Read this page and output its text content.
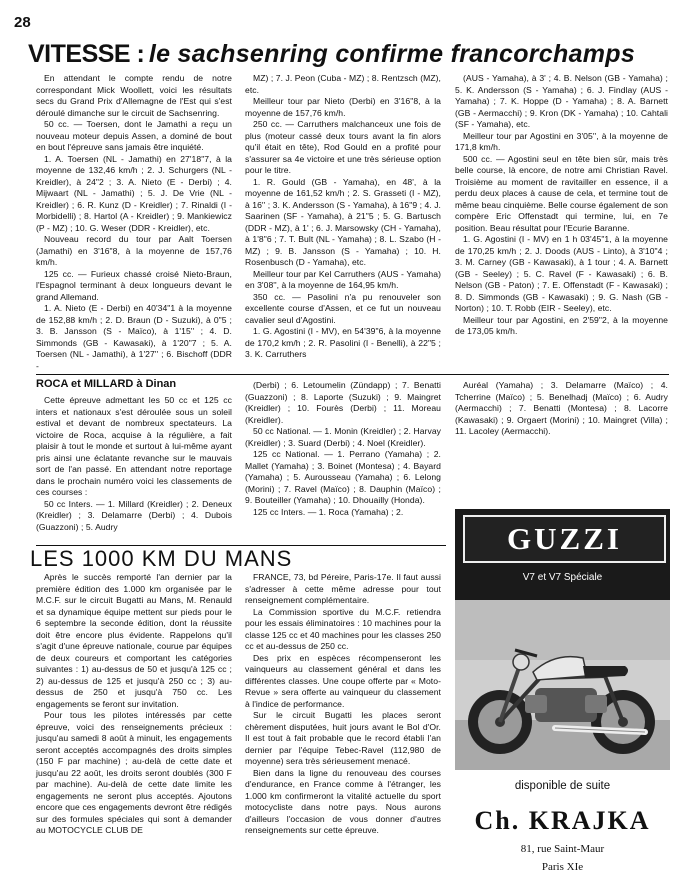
28
VITESSE : le sachsenring confirme francorchamps

En attendant le compte rendu de notre correspondant Mick Woollett, voici les résultats secs du Grand Prix d'Allemagne de l'Est qui s'est déroulé dimanche sur le circuit de Sachsenring.

50 cc. — Toersen, dont le Jamathi a reçu un nouveau moteur depuis Assen, a dominé de bout en bout l'épreuve sans jamais être inquiété.

1. A. Toersen (NL - Jamathi) en 27'18"7, à la moyenne de 132,46 km/h ; 2. J. Schurgers (NL - Kreidler), à 24"2 ; 3. A. Nieto (E - Derbi) ; 4. Mijwaart (NL - Jamathi) ; 5. J. De Vrie (NL - Kreidler) ; 6. R. Kunz (D - Kreidler) ; 7. Rinaldi (I - Morbidelli) ; 8. Hartol (A - Kreidler) ; 9. Mankiewicz (P - MZ) ; 10. G. Weser (DDR - Kreidler), etc.

Nouveau record du tour par Aalt Toersen (Jamathi) en 3'16"8, à la moyenne de 157,76 km/h.

125 cc. — Furieux chassé croisé Nieto-Braun, l'Espagnol terminant à deux longueurs devant le grand Allemand.

1. A. Nieto (E - Derbi) en 40'34"1 à la moyenne de 152,88 km/h ; 2. D. Braun (D - Suzuki), à 0"5 ; 3. B. Jansson (S - Maïco), à 1'15'' ; 4. D. Simmonds (GB - Kawasaki), à 1'20"7 ; 5. A. Toersen (NL - Jamathi), à 1'27'' ; 6. Bischoff (DDR -

MZ) ; 7. J. Peon (Cuba - MZ) ; 8. Rentzsch (MZ), etc.

Meilleur tour par Nieto (Derbi) en 3'16"8, à la moyenne de 157,76 km/h.

250 cc. — Carruthers malchanceux une fois de plus (moteur cassé deux tours avant la fin alors qu'il était en tête), Rod Gould en a profité pour s'assurer sa 4e victoire et une très sérieuse option pour le titre.

1. R. Gould (GB - Yamaha), en 48', à la moyenne de 161,52 km/h ; 2. S. Grasseti (I - MZ), à 16'' ; 3. K. Andersson (S - Yamaha), à 16"9 ; 4. J. Saarinen (SF - Yamaha), à 21"5 ; 5. G. Bartusch (DDR - MZ), à 1' ; 6. J. Marsowsky (CH - Yamaha), à 1'8"6 ; 7. T. Bult (NL - Yamaha) ; 8. L. Szabo (H - MZ) ; 9. B. Jansson (S - Yamaha) ; 10. H. Rosenbusch (D - Yamaha), etc.

Meilleur tour par Kel Carruthers (AUS - Yamaha) en 3'08'', à la moyenne de 164,95 km/h.

350 cc. — Pasolini n'a pu renouveler son excellente course d'Assen, et ce fut un nouveau cavalier seul d'Agostini.

1. G. Agostini (I - MV), en 54'39"6, à la moyenne de 170,2 km/h ; 2. R. Pasolini (I - Benelli), à 22"5 ; 3. K. Carruthers

(AUS - Yamaha), à 3' ; 4. B. Nelson (GB - Yamaha) ; 5. K. Andersson (S - Yamaha) ; 6. J. Findlay (AUS - Yamaha) ; 7. K. Hoppe (D - Yamaha) ; 8. A. Barnett (GB - Aermacchi) ; 9. Kron (DK - Yamaha) ; 10. Cahtali (SF - Yamaha), etc.

Meilleur tour par Agostini en 3'05'', à la moyenne de 171,8 km/h.

500 cc. — Agostini seul en tête bien sûr, mais très belle course, là encore, de notre ami Christian Ravel. Troisième au moment de ravitailler en essence, il a perdu deux places à cause de cela, et termine tout de même beau cinquième. Belle course également de son compère Eric Offenstadt qui termine, lui, en 7e position. Beau résultat pour l'Ecurie Baranne.

1. G. Agostini (I - MV) en 1 h 03'45"1, à la moyenne de 170,25 km/h ; 2. J. Doods (AUS - Linto), à 3'10"4 ; 3. M. Carney (GB - Kawasaki), à 1 tour ; 4. A. Barnett (GB - Seeley) ; 5. C. Ravel (F - Kawasaki) ; 6. B. Nelson (GB - Paton) ; 7. E. Offenstadt (F - Kawasaki) ; 8. D. Simmonds (GB - Kawasaki) ; 9. G. Nash (GB - Norton) ; 10. T. Robb (EIR - Seeley), etc.

Meilleur tour par Agostini, en 2'59"2, à la moyenne de 173,05 km/h.

ROCA et MILLARD à Dinan

Cette épreuve admettant les 50 cc et 125 cc inters et nationaux s'est déroulée sous un soleil estival et devant de nombreux spectateurs. La victoire de Roca, acquise à la régulière, a fait plaisir à tout le monde et surtout à lui-même ayant pris ainsi une éclatante revanche sur le mauvais sort de l'an passé. En attendant notre reportage dans le prochain numéro voici les classements de ces courses :

50 cc Inters. — 1. Millard (Kreidler) ; 2. Deneux (Kreidler) ; 3. Delamarre (Derbi) ; 4. Dubois (Guazzoni) ; 5. Audry

(Derbi) ; 6. Letoumelin (Zündapp) ; 7. Benatti (Guazzoni) ; 8. Laporte (Suzuki) ; 9. Maingret (Kreidler) ; 10. Fourès (Derbi) ; 11. Moreau (Kreidler).

50 cc National. — 1. Monin (Kreidler) ; 2. Harvay (Kreidler) ; 3. Suard (Derbi) ; 4. Noel (Kreidler).

125 cc National. — 1. Perrano (Yamaha) ; 2. Mallet (Yamaha) ; 3. Boinet (Montesa) ; 4. Bayard (Yamaha) ; 5. Aurousseau (Yamaha) ; 6. Lelong (Morini) ; 7. Ravel (Maïco) ; 8. Dauphin (Maïco) ; 9. Bouteiller (Yamaha) ; 10. Dhouailly (Honda).

125 cc Inters. — 1. Roca (Yamaha) ; 2.

Auréal (Yamaha) ; 3. Delamarre (Maïco) ; 4. Tcherrine (Maïco) ; 5. Benelhadj (Maïco) ; 6. Audry (Aermacchi) ; 7. Benatti (Montesa) ; 8. Lacorre (Kawasaki) ; 9. Orgaert (Morini) ; 10. Maingret (Villa) ; 11. Lacoley (Aermacchi).

LES 1000 KM DU MANS

Après le succès remporté l'an dernier par la première édition des 1.000 km organisée par le M.C.F. sur le circuit Bugatti au Mans, M. Renauld et sa dynamique équipe mettent sur pieds pour le 6 septembre la seconde édition, dont la réussite doit être encore plus évidente. Rappelons qu'il s'agit d'une épreuve nationale, courue par équipes de deux coureurs et comportant les catégories suivantes : 1) au-dessus de 50 et jusqu'à 125 cc ; 2) au-dessus de 125 et jusqu'à 250 cc ; 3) au-dessus de 250 et jusqu'à 750 cc. Les engagements se feront sur invitation.

Pour tous les pilotes intéressés par cette épreuve, voici des renseignements précieux : jusqu'au samedi 8 août à minuit, les engagements seront acceptés accompagnés des droits simples (150 F par machine) ; au-delà de cette date et jusqu'au 22 août, les droits seront doublés (300 F par machine). Au-delà de cette date limite les engagements ne seront plus acceptés. Ajoutons encore que ces engagements devront être rédigés sur des formules spéciales qui sont à demander au MOTOCYCLE CLUB DE

FRANCE, 73, bd Péreire, Paris-17e. Il faut aussi s'adresser à cette même adresse pour tout renseignement complémentaire.

La Commission sportive du M.C.F. retiendra pour les essais éliminatoires : 10 machines pour la classe 125 cc et 40 machines pour les classes 250 cc et au-dessus de 250 cc.

Des prix en espèces récompenseront les vainqueurs au classement général et dans les différentes classes. Une coupe offerte par « Moto-Revue » sera offerte au vainqueur du classement à l'indice de performance.

Sur le circuit Bugatti les places seront chèrement disputées, huit jours avant le Bol d'Or. Il est tout à fait probable que le record établi l'an dernier par l'équipe Tebec-Ravel (112,980 de moyenne) sera très sérieusement menacé.

Bien dans la ligne du renouveau des courses d'endurance, en France comme à l'étranger, les 1.000 km confirmeront la vitalité actuelle du sport motocycliste dans notre pays. Nous aurons d'ailleurs l'occasion de vous donner d'autres renseignements sur cette épreuve.

GUZZI
V7 et V7 Spéciale
disponible de suite
Ch. KRAJKA
81, rue Saint-Maur
Paris XIe
